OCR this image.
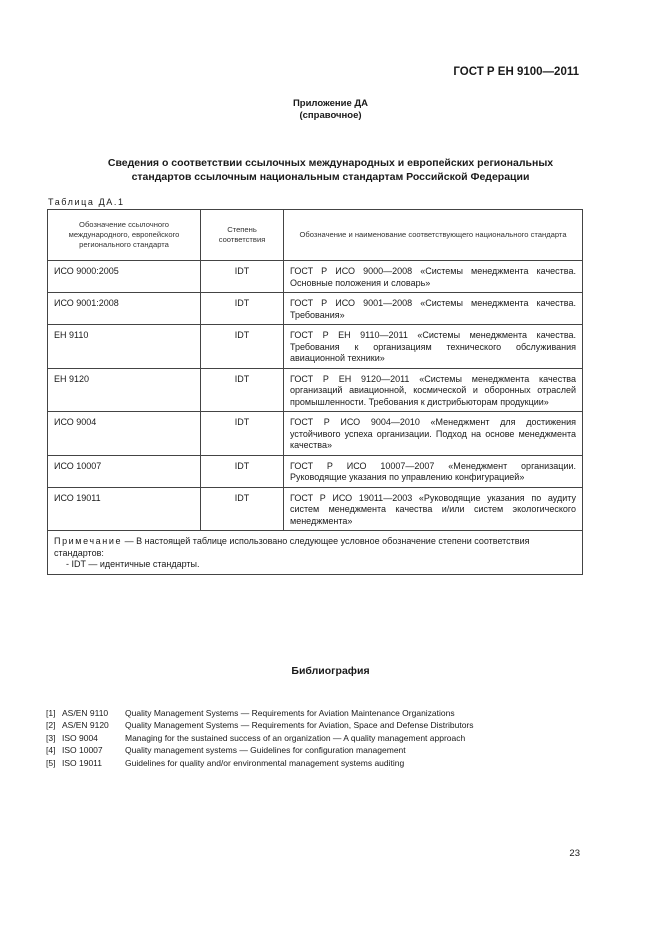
ГОСТ Р ЕН 9100—2011
Приложение ДА
(справочное)
Сведения о соответствии ссылочных международных и европейских региональных
стандартов ссылочным национальным стандартам Российской Федерации
Таблица ДА.1
Обозначение ссылочного международного, европейского регионального стандарта	Степень соответствия	Обозначение и наименование соответствующего национального стандарта
ИСО 9000:2005	IDT	ГОСТ Р ИСО 9000—2008 «Системы менеджмента качества. Основные положения и словарь»
ИСО 9001:2008	IDT	ГОСТ Р ИСО 9001—2008 «Системы менеджмента качества. Требования»
ЕН 9110	IDT	ГОСТ Р ЕН 9110—2011 «Системы менеджмента качества. Требования к организациям технического обслуживания авиационной техники»
ЕН 9120	IDT	ГОСТ Р ЕН 9120—2011 «Системы менеджмента качества организаций авиационной, космической и оборонных отраслей промышленности. Требования к дистрибьюторам продукции»
ИСО 9004	IDT	ГОСТ Р ИСО 9004—2010 «Менеджмент для достижения устойчивого успеха организации. Подход на основе менеджмента качества»
ИСО 10007	IDT	ГОСТ Р ИСО 10007—2007 «Менеджмент организации. Руководящие указания по управлению конфигурацией»
ИСО 19011	IDT	ГОСТ Р ИСО 19011—2003 «Руководящие указания по аудиту систем менеджмента качества и/или систем экологического менеджмента»
Примечание — В настоящей таблице использовано следующее условное обозначение степени соответствия стандартов:
- IDT — идентичные стандарты.		
Библиография
[1] AS/EN 9110	Quality Management Systems — Requirements for Aviation Maintenance Organizations
[2] AS/EN 9120	Quality Management Systems — Requirements for Aviation, Space and Defense Distributors
[3] ISO 9004	Managing for the sustained success of an organization — A quality management approach
[4] ISO 10007	Quality management systems — Guidelines for configuration management
[5] ISO 19011	Guidelines for quality and/or environmental management systems auditing
23
